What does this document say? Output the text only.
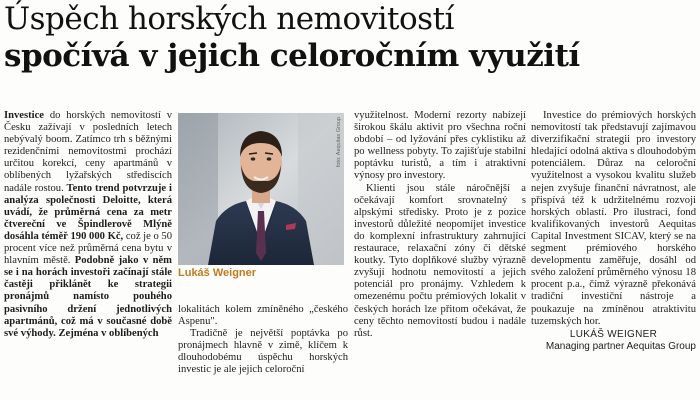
Úspěch horských nemovitostí
spočívá v jejich celoročním využití

Investice do horských nemovitostí v Česku zažívají v posledních letech nebývalý boom. Zatímco trh s běžnými rezidenčními nemovitostmi prochází určitou korekcí, ceny apartmánů v oblíbených lyžařských střediscích nadále rostou. Tento trend potvrzuje i analýza společnosti Deloitte, která uvádí, že průměrná cena za metr čtvereční ve Špindlerově Mlýně dosáhla téměř 190 000 Kč, což je o 50 procent více než průměrná cena bytu v hlavním městě. Podobně jako v něm se i na horách investoři začínají stále častěji přiklánět ke strategii pronájmů namísto pouhého pasivního držení jednotlivých apartmánů, což má v současné době své výhody. Zejména v oblíbených

foto: Aequitas Group
Lukáš Weigner

lokalitách kolem zmíněného „českého Aspenu".

Tradičně je největší poptávka po pronájmech hlavně v zimě, klíčem k dlouhodobému úspěchu horských investic je ale jejich celoroční

využitelnost. Moderní rezorty nabízejí širokou škálu aktivit pro všechna roční období – od lyžování přes cyklistiku až po wellness pobyty. To zajišťuje stabilní poptávku turistů, a tím i atraktivní výnosy pro investory.

Klienti jsou stále náročnější a očekávají komfort srovnatelný s alpskými středisky. Proto je z pozice investorů důležité neopomíjet investice do komplexní infrastruktury zahrnující restaurace, relaxační zóny či dětské koutky. Tyto doplňkové služby výrazně zvyšují hodnotu nemovitostí a jejich potenciál pro pronájmy. Vzhledem k omezenému počtu prémiových lokalit v českých horách lze přitom očekávat, že ceny těchto nemovitostí budou i nadále růst.

Investice do prémiových horských nemovitostí tak představují zajímavou diverzifikační strategii pro investory hledající odolná aktiva s dlouhodobým potenciálem. Důraz na celoroční využitelnost a vysokou kvalitu služeb nejen zvyšuje finanční návratnost, ale přispívá též k udržitelnému rozvoji horských oblastí. Pro ilustraci, fond kvalifikovaných investorů Aequitas Capital Investment SICAV, který se na segment prémiového horského developmentu zaměřuje, dosáhl od svého založení průměrného výnosu 18 procent p.a., čímž výrazně překonává tradiční investiční nástroje a poukazuje na zmíněnou atraktivitu tuzemských hor.

LUKÁŠ WEIGNER
Managing partner Aequitas Group
